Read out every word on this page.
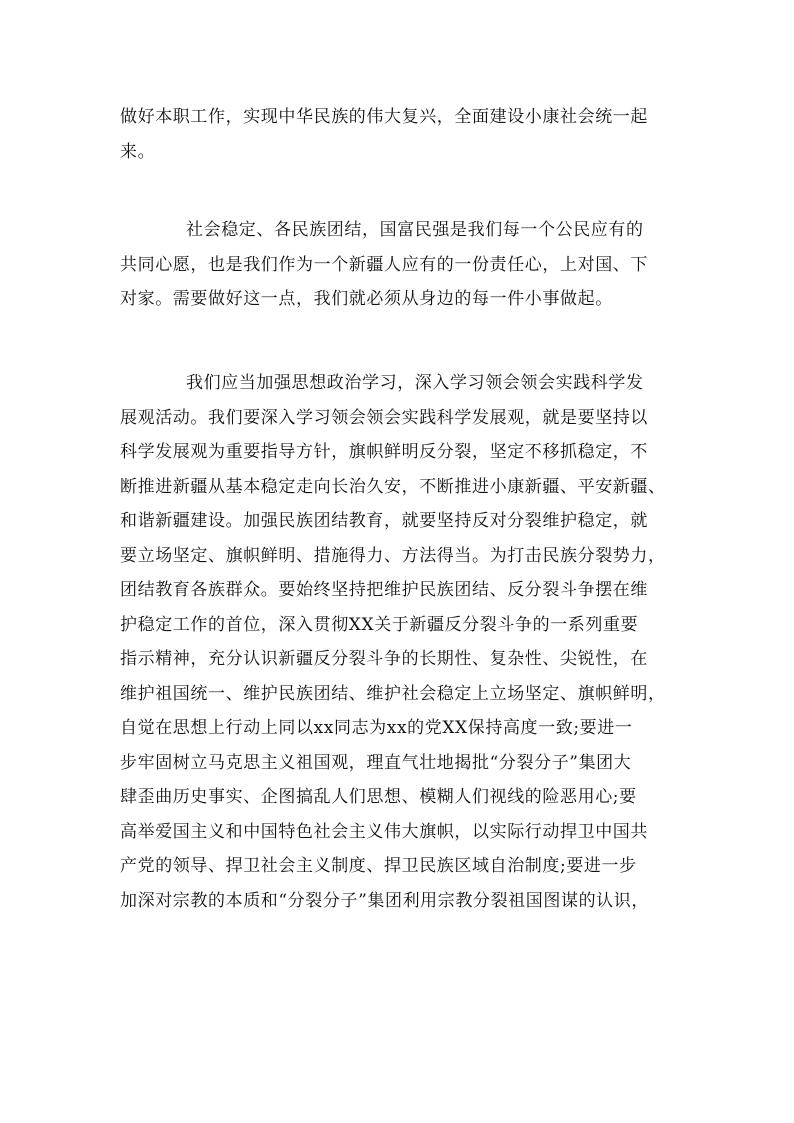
做好本职工作，实现中华民族的伟大复兴，全面建设小康社会统一起
来。
社会稳定、各民族团结，国富民强是我们每一个公民应有的
共同心愿，也是我们作为一个新疆人应有的一份责任心，上对国、下
对家。需要做好这一点，我们就必须从身边的每一件小事做起。
我们应当加强思想政治学习，深入学习领会领会实践科学发
展观活动。我们要深入学习领会领会实践科学发展观，就是要坚持以
科学发展观为重要指导方针，旗帜鲜明反分裂，坚定不移抓稳定，不
断推进新疆从基本稳定走向长治久安，不断推进小康新疆、平安新疆、
和谐新疆建设。加强民族团结教育，就要坚持反对分裂维护稳定，就
要立场坚定、旗帜鲜明、措施得力、方法得当。为打击民族分裂势力，
团结教育各族群众。要始终坚持把维护民族团结、反分裂斗争摆在维
护稳定工作的首位，深入贯彻XX关于新疆反分裂斗争的一系列重要
指示精神，充分认识新疆反分裂斗争的长期性、复杂性、尖锐性，在
维护祖国统一、维护民族团结、维护社会稳定上立场坚定、旗帜鲜明，
自觉在思想上行动上同以xx同志为xx的党XX保持高度一致;要进一
步牢固树立马克思主义祖国观，理直气壮地揭批“分裂分子”集团大
肆歪曲历史事实、企图搞乱人们思想、模糊人们视线的险恶用心;要
高举爱国主义和中国特色社会主义伟大旗帜，以实际行动捍卫中国共
产党的领导、捍卫社会主义制度、捍卫民族区域自治制度;要进一步
加深对宗教的本质和“分裂分子”集团利用宗教分裂祖国图谋的认识，
